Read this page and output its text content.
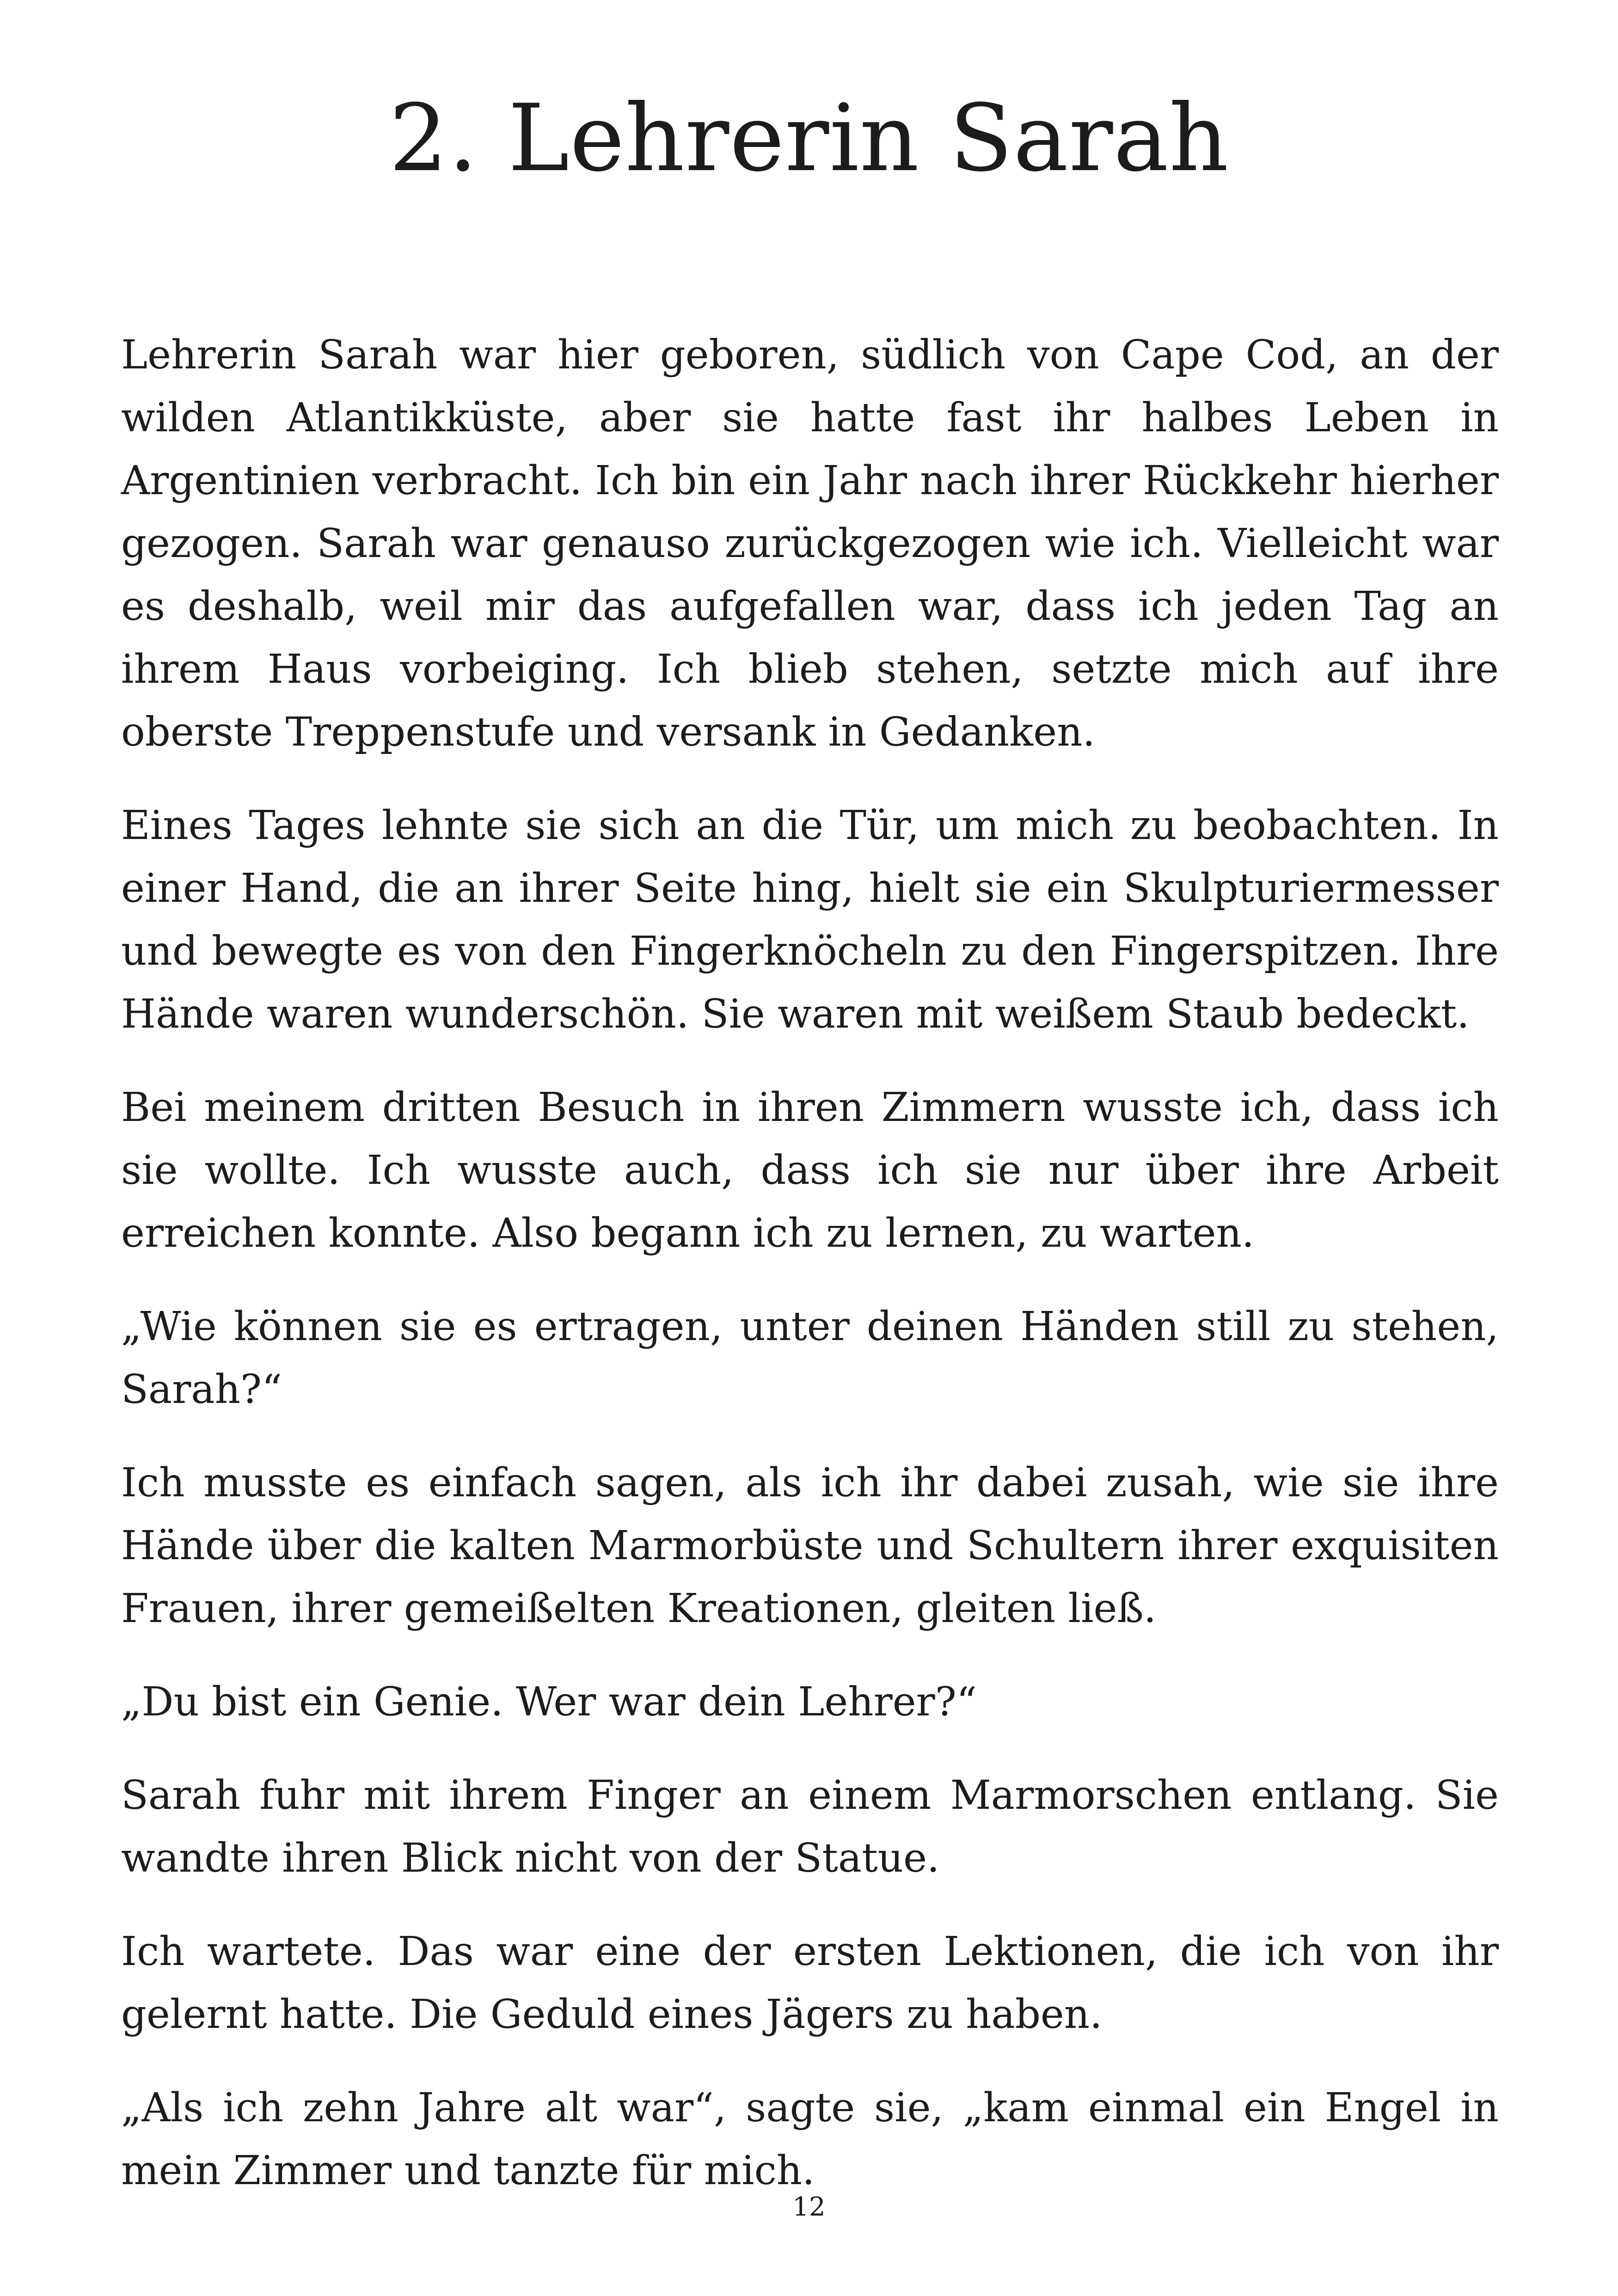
2. Lehrerin Sarah

Lehrerin Sarah war hier geboren, südlich von Cape Cod, an der wilden Atlantikküste, aber sie hatte fast ihr halbes Leben in Argentinien verbracht. Ich bin ein Jahr nach ihrer Rückkehr hierher gezogen. Sarah war genauso zurückgezogen wie ich. Vielleicht war es deshalb, weil mir das aufgefallen war, dass ich jeden Tag an ihrem Haus vorbeiging. Ich blieb stehen, setzte mich auf ihre oberste Treppenstufe und versank in Gedanken.

Eines Tages lehnte sie sich an die Tür, um mich zu beobachten. In einer Hand, die an ihrer Seite hing, hielt sie ein Skulpturiermesser und bewegte es von den Fingerknöcheln zu den Fingerspitzen. Ihre Hände waren wunderschön. Sie waren mit weißem Staub bedeckt.

Bei meinem dritten Besuch in ihren Zimmern wusste ich, dass ich sie wollte. Ich wusste auch, dass ich sie nur über ihre Arbeit erreichen konnte. Also begann ich zu lernen, zu warten.

„Wie können sie es ertragen, unter deinen Händen still zu stehen, Sarah?“

Ich musste es einfach sagen, als ich ihr dabei zusah, wie sie ihre Hände über die kalten Marmorbüste und Schultern ihrer exquisiten Frauen, ihrer gemeißelten Kreationen, gleiten ließ.

„Du bist ein Genie. Wer war dein Lehrer?“

Sarah fuhr mit ihrem Finger an einem Marmorschen entlang. Sie wandte ihren Blick nicht von der Statue.

Ich wartete. Das war eine der ersten Lektionen, die ich von ihr gelernt hatte. Die Geduld eines Jägers zu haben.

„Als ich zehn Jahre alt war“, sagte sie, „kam einmal ein Engel in mein Zimmer und tanzte für mich.

12
